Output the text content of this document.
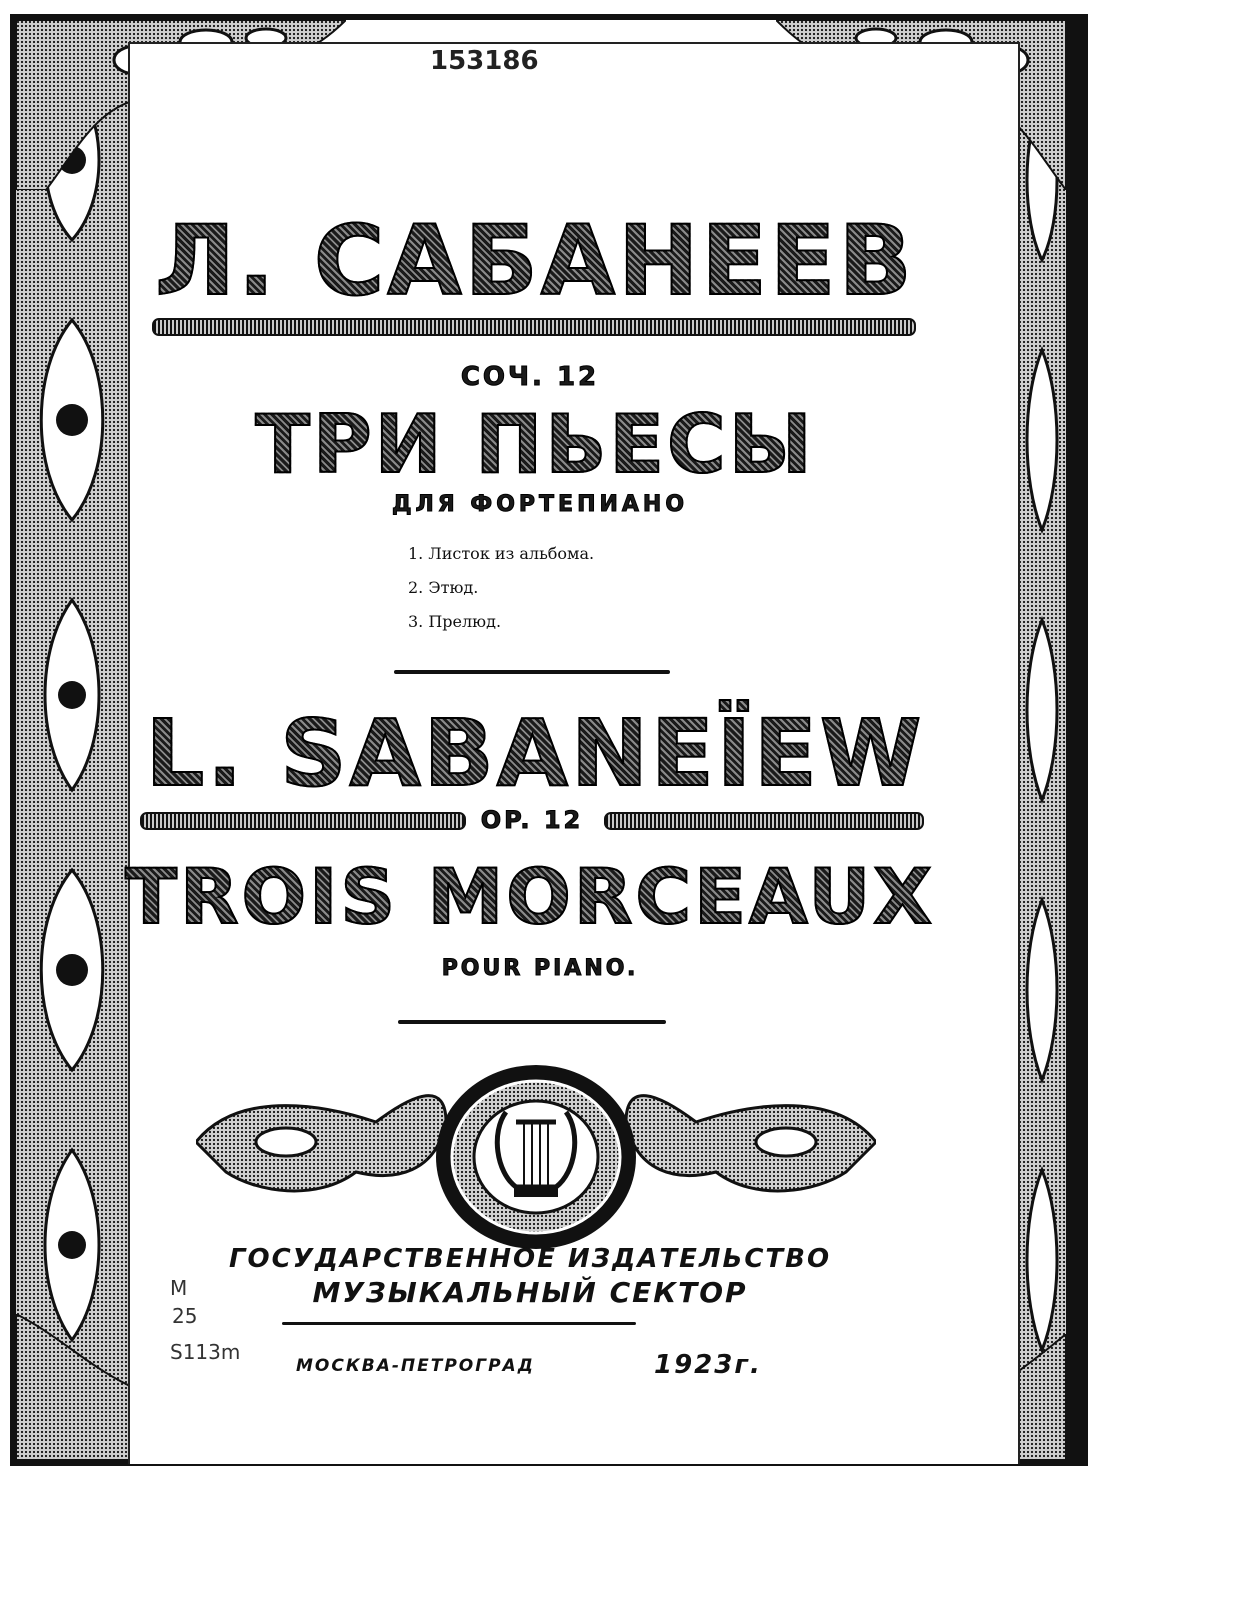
153186
Л. САБАНЕЕВ
СОЧ. 12
ТРИ ПЬЕСЫ
ДЛЯ ФОРТЕПИАНО
1. Листок из альбома.
2. Этюд.
3. Прелюд.
L. SABANEÏEW
OP. 12
TROIS MORCEAUX
POUR PIANO.
ГОСУДАРСТВЕННОЕ ИЗДАТЕЛЬСТВО
МУЗЫКАЛЬНЫЙ СЕКТОР
МОСКВА-ПЕТРОГРАД	1923г.
M
25
S113m
